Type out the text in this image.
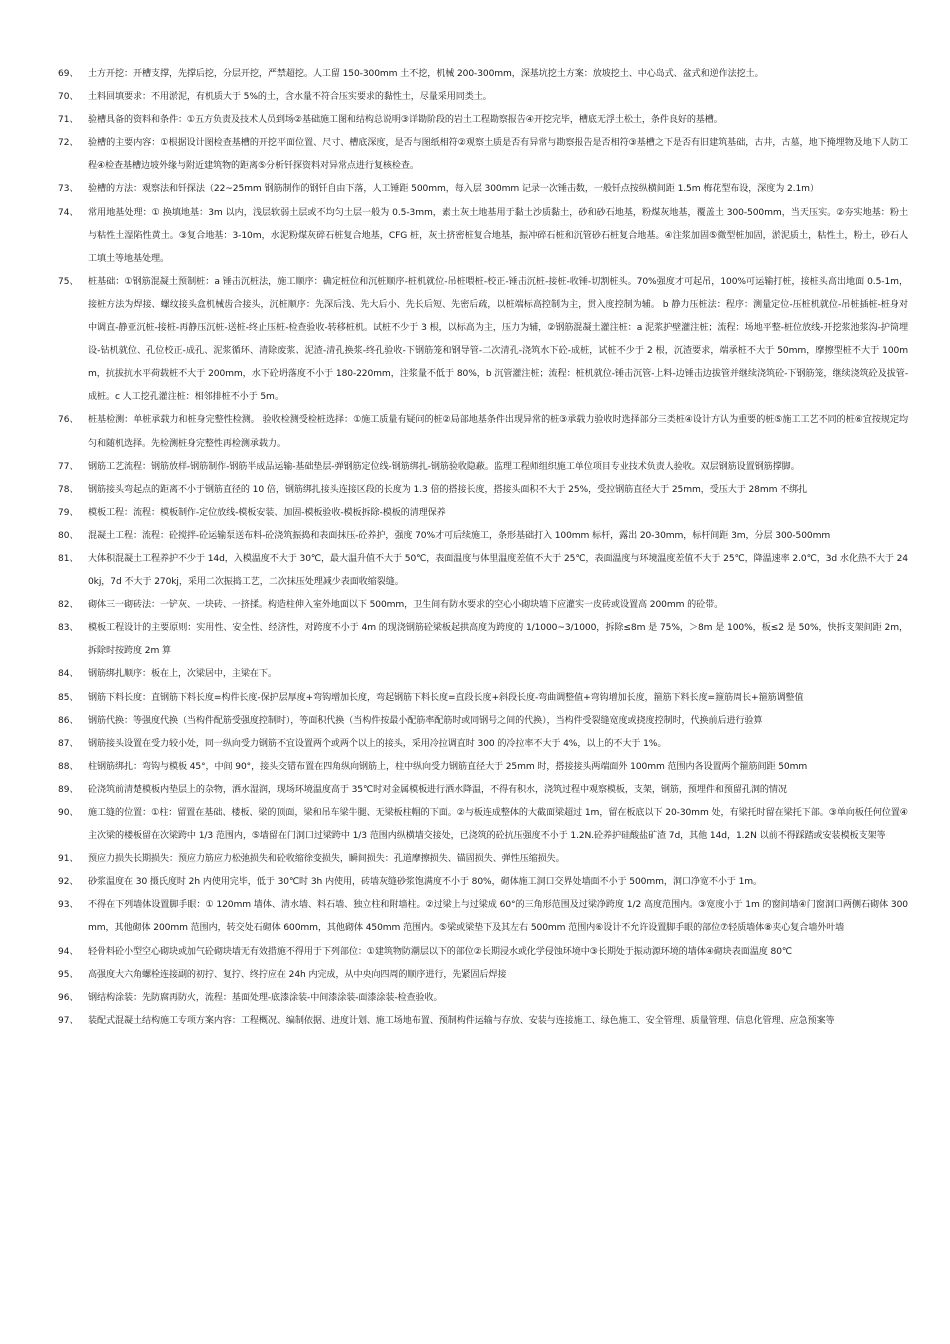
69、	土方开挖：开槽支撑，先撑后挖，分层开挖，严禁超挖。人工留 150-300mm 土不挖，机械 200-300mm，深基坑挖土方案：放坡挖土、中心岛式、盆式和逆作法挖土。
70、	土料回填要求：不用淤泥，有机质大于 5%的土，含水量不符合压实要求的黏性土，尽量采用同类土。
71、	验槽具备的资料和条件：①五方负责及技术人员到场②基础施工图和结构总说明③详勘阶段的岩土工程勘察报告④开挖完毕，槽底无浮土松土，条件良好的基槽。
72、	验槽的主要内容：①根据设计图检查基槽的开挖平面位置、尺寸、槽底深度，是否与图纸相符②观察土质是否有异常与勘察报告是否相符③基槽之下是否有旧建筑基础，古井，古墓，地下掩埋物及地下人防工程④检查基槽边坡外缘与附近建筑物的距离⑤分析钎探资料对异常点进行复核检查。
73、	验槽的方法：观察法和钎探法（22~25mm 钢筋制作的钢钎自由下落，人工锤距 500mm，每入层 300mm 记录一次锤击数，一般钎点按纵横间距 1.5m 梅花型布设，深度为 2.1m）
74、	常用地基处理：① 换填地基：3m 以内，浅层软弱土层或不均匀土层一般为 0.5-3mm，素土灰土地基用于黏土沙质黏土，砂和砂石地基，粉煤灰地基，覆盖土 300-500mm，当天压实。②夯实地基：粉土与粘性土湿陷性黄土。③复合地基：3-10m，水泥粉煤灰碎石桩复合地基，CFG 桩，灰土挤密桩复合地基，振冲碎石桩和沉管砂石桩复合地基。④注浆加固⑤微型桩加固，淤泥质土，粘性土，粉土，砂石人工填土等地基处理。
75、	桩基础：①钢筋混凝土预制桩：a 锤击沉桩法，施工顺序：确定桩位和沉桩顺序-桩机就位-吊桩喂桩-校正-锤击沉桩-接桩-收锤-切割桩头。70%强度才可起吊，100%可运输打桩，接桩头高出地面 0.5-1m，接桩方法为焊接、螺纹接头盒机械齿合接头，沉桩顺序：先深后浅、先大后小、先长后短、先密后疏，以桩端标高控制为主，贯入度控制为辅。 b 静力压桩法：程序：测量定位-压桩机就位-吊桩插桩-桩身对中调直-静亚沉桩-接桩-再静压沉桩-送桩-终止压桩-检查验收-转移桩机。试桩不少于 3 根，以标高为主，压力为辅，②钢筋混凝土灌注桩：a 泥浆护壁灌注桩；流程：场地平整-桩位放线-开挖浆池浆沟-护筒埋设-钻机就位、孔位校正-成孔、泥浆循环、清除废浆、泥渣-清孔换浆-终孔验收-下钢筋笼和钢导管-二次清孔-浇筑水下砼-成桩，试桩不少于 2 根，沉渣要求，端承桩不大于 50mm，摩擦型桩不大于 100mm，抗拔抗水平荷载桩不大于 200mm，水下砼坍落度不小于 180-220mm，注浆量不低于 80%，b 沉管灌注桩；流程：桩机就位-锤击沉管-上料-边锤击边拔管并继续浇筑砼-下钢筋笼，继续浇筑砼及拔管-成桩。c 人工挖孔灌注桩：相邻排桩不小于 5m。
76、	桩基检测：单桩承载力和桩身完整性检测。 验收检测受检桩选择：①施工质量有疑问的桩②局部地基条件出现异常的桩③承载力验收时选择部分三类桩④设计方认为重要的桩⑤施工工艺不同的桩⑥宜按规定均匀和随机选择。先检测桩身完整性再检测承载力。
77、	钢筋工艺流程：钢筋放样-钢筋制作-钢筋半成品运输-基础垫层-弹钢筋定位线-钢筋绑扎-钢筋验收隐蔽。监理工程师组织施工单位项目专业技术负责人验收。双层钢筋设置钢筋撑脚。
78、	钢筋接头弯起点的距离不小于钢筋直径的 10 倍，钢筋绑扎接头连接区段的长度为 1.3 倍的搭接长度，搭接头面积不大于 25%，受拉钢筋直径大于 25mm，受压大于 28mm 不绑扎
79、	模板工程：流程：模板制作-定位放线-模板安装、加固-模板验收-模板拆除-模板的清理保养
80、	混凝土工程：流程：砼搅拌-砼运输泵送布料-砼浇筑振捣和表面抹压-砼养护，强度 70%才可后续施工，条形基础打入 100mm 标杆，露出 20-30mm，标杆间距 3m，分层 300-500mm
81、	大体积混凝土工程养护不少于 14d，入模温度不大于 30℃，最大温升值不大于 50℃，表面温度与体里温度差值不大于 25℃，表面温度与环境温度差值不大于 25℃，降温速率 2.0℃，3d 水化热不大于 240kj，7d 不大于 270kj，采用二次振捣工艺，二次抹压处理减少表面收缩裂缝。
82、	砌体三一砌砖法：一铲灰、一块砖、一挤揉。构造柱伸入室外地面以下 500mm，卫生间有防水要求的空心小砌块墙下应灌实一皮砖或设置高 200mm 的砼带。
83、	模板工程设计的主要原则：实用性、安全性、经济性，对跨度不小于 4m 的现浇钢筋砼梁板起拱高度为跨度的 1/1000~3/1000，拆除≤8m 是 75%，＞8m 是 100%，板≤2 是 50%，快拆支架间距 2m，拆除时按跨度 2m 算
84、	钢筋绑扎顺序：板在上，次梁居中，主梁在下。
85、	钢筋下料长度：直钢筋下料长度=构件长度-保护层厚度+弯钩增加长度，弯起钢筋下料长度=直段长度+斜段长度-弯曲调整值+弯钩增加长度，箍筋下料长度=箍筋周长+箍筋调整值
86、	钢筋代换：等强度代换（当构件配筋受强度控制时），等面积代换（当构件按最小配筋率配筋时或同钢号之间的代换），当构件受裂缝宽度或挠度控制时，代换前后进行验算
87、	钢筋接头设置在受力较小处，同一纵向受力钢筋不宜设置两个或两个以上的接头，采用冷拉调直时 300 的冷拉率不大于 4%，以上的不大于 1%。
88、	柱钢筋绑扎：弯钩与模板 45°，中间 90°，接头交错布置在四角纵向钢筋上，柱中纵向受力钢筋直径大于 25mm 时，搭接接头两端面外 100mm 范围内各设置两个箍筋间距 50mm
89、	砼浇筑前清楚模板内垫层上的杂物，洒水湿润，现场环境温度高于 35℃时对金属模板进行洒水降温，不得有积水，浇筑过程中观察模板，支架，钢筋，预埋件和预留孔洞的情况
90、	施工缝的位置：①柱：留置在基础、楼板、梁的顶面，梁和吊车梁牛腿、无梁板柱帽的下面。②与板连成整体的大截面梁超过 1m，留在板底以下 20-30mm 处，有梁托时留在梁托下部。③单向板任何位置④主次梁的楼板留在次梁跨中 1/3 范围内，⑤墙留在门洞口过梁跨中 1/3 范围内纵横墙交接处，已浇筑的砼抗压强度不小于 1.2N.砼养护硅酸盐矿渣 7d，其他 14d，1.2N 以前不得踩踏或安装模板支架等
91、	预应力损失长期损失：预应力筋应力松弛损失和砼收缩徐变损失，瞬间损失：孔道摩擦损失、锚固损失、弹性压缩损失。
92、	砂浆温度在 30 摄氏度时 2h 内使用完毕，低于 30℃时 3h 内使用，砖墙灰缝砂浆饱满度不小于 80%，砌体施工洞口交界处墙面不小于 500mm，洞口净宽不小于 1m。
93、	不得在下列墙体设置脚手眼：① 120mm 墙体、清水墙、料石墙、独立柱和附墙柱。②过梁上与过梁成 60°的三角形范围及过梁净跨度 1/2 高度范围内。③宽度小于 1m 的窗间墙④门窗洞口两侧石砌体 300mm，其他砌体 200mm 范围内，转交处石砌体 600mm，其他砌体 450mm 范围内。⑤梁或梁垫下及其左右 500mm 范围内⑥设计不允许设置脚手眼的部位⑦轻质墙体⑧夹心复合墙外叶墙
94、	轻骨料砼小型空心砌块或加气砼砌块墙无有效措施不得用于下列部位：①建筑物防潮层以下的部位②长期浸水或化学侵蚀环境中③长期处于振动源环境的墙体④砌块表面温度 80℃
95、	高强度大六角螺栓连接副的初拧、复拧、终拧应在 24h 内完成，从中央向四周的顺序进行，先紧固后焊接
96、	钢结构涂装：先防腐再防火，流程：基面处理-底漆涂装-中间漆涂装-面漆涂装-检查验收。
97、	装配式混凝土结构施工专项方案内容：工程概况、编制依据、进度计划、施工场地布置、预制构件运输与存放、安装与连接施工、绿色施工、安全管理、质量管理、信息化管理、应急预案等
